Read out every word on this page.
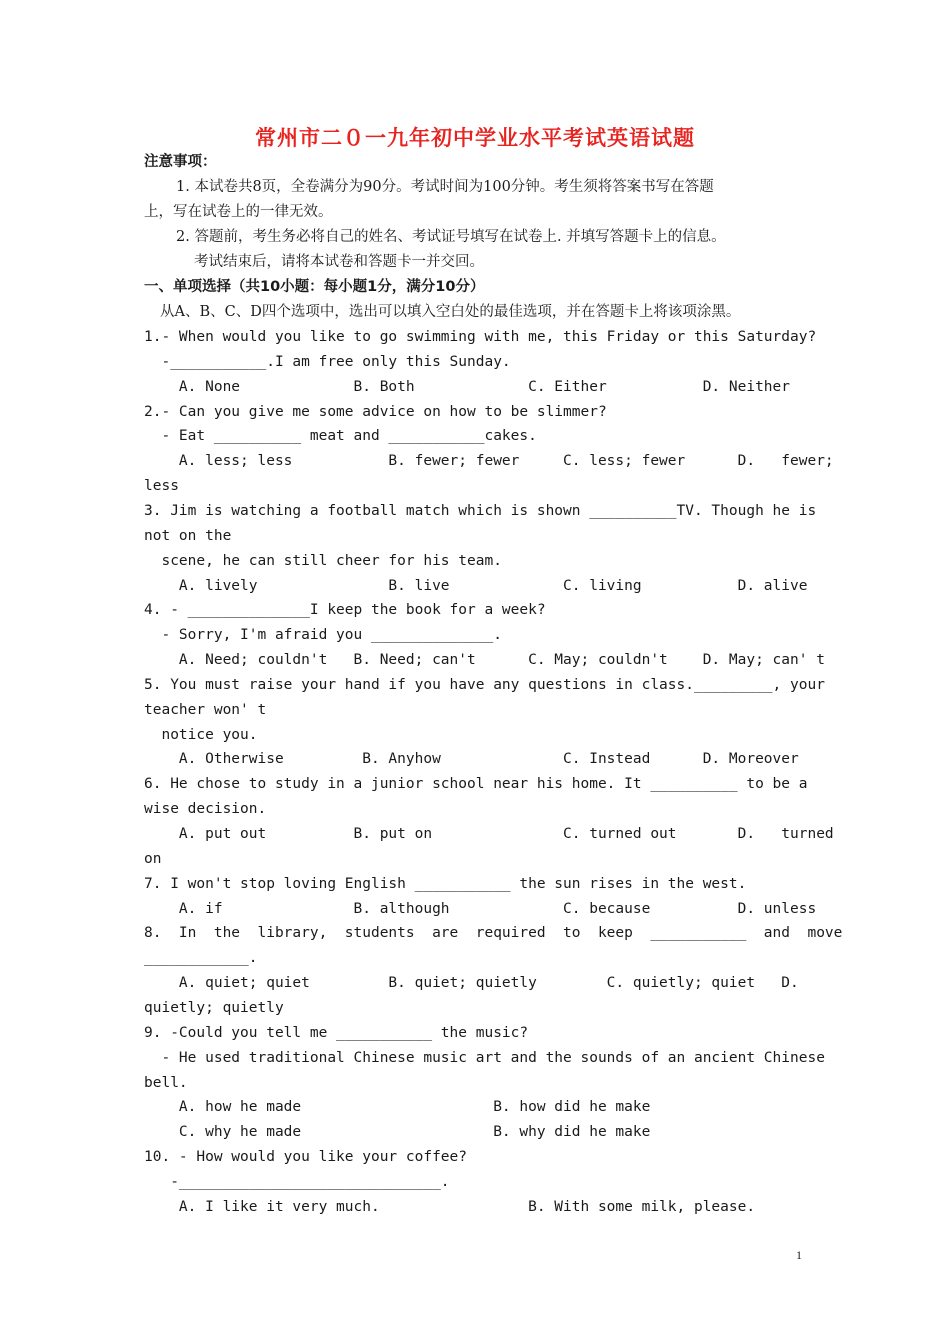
常州市二０一九年初中学业水平考试英语试题
注意事项：
1. 本试卷共8页，全卷满分为90分。考试时间为100分钟。考生须将答案书写在答题
上，写在试卷上的一律无效。
2. 答题前，考生务必将自己的姓名、考试证号填写在试卷上. 并填写答题卡上的信息。
考试结束后，请将本试卷和答题卡一并交回。
一、单项选择（共10小题：每小题1分，满分10分）
从A、B、C、D四个选项中，选出可以填入空白处的最佳选项，并在答题卡上将该项涂黑。
1.- When would you like to go swimming with me, this Friday or this Saturday?
-___________.I am free only this Sunday.
A. None             B. Both             C. Either           D. Neither
2.- Can you give me some advice on how to be slimmer?
- Eat __________ meat and ___________cakes.
A. less; less           B. fewer; fewer     C. less; fewer      D.   fewer;
less
3. Jim is watching a football match which is shown __________TV. Though he is
not on the
scene, he can still cheer for his team.
A. lively               B. live             C. living           D. alive
4. - ______________I keep the book for a week?
- Sorry, I'm afraid you ______________.
A. Need; couldn't   B. Need; can't      C. May; couldn't    D. May; can' t
5. You must raise your hand if you have any questions in class._________, your
teacher won' t
notice you.
A. Otherwise         B. Anyhow              C. Instead      D. Moreover
6. He chose to study in a junior school near his home. It __________ to be a
wise decision.
A. put out          B. put on               C. turned out       D.   turned
on
7. I won't stop loving English ___________ the sun rises in the west.
A. if               B. although             C. because          D. unless
8.  In  the  library,  students  are  required  to  keep  ___________  and  move
____________.
A. quiet; quiet         B. quiet; quietly        C. quietly; quiet   D.
quietly; quietly
9. -Could you tell me ___________ the music?
- He used traditional Chinese music art and the sounds of an ancient Chinese
bell.
A. how he made                      B. how did he make
C. why he made                      B. why did he make
10. - How would you like your coffee?
-______________________________.
A. I like it very much.                 B. With some milk, please.
1
